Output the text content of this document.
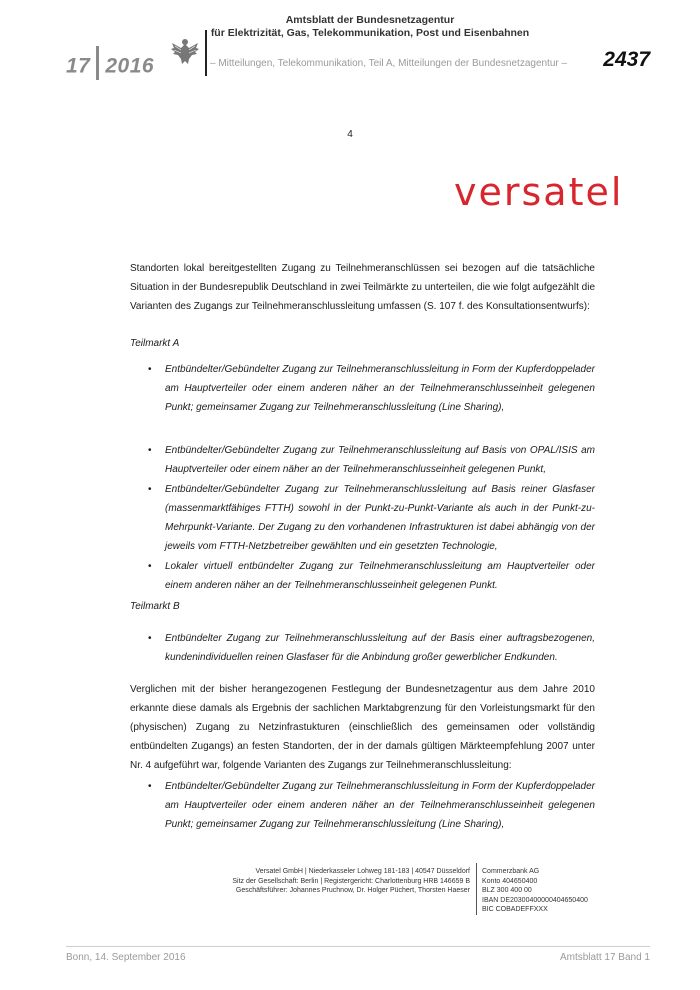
17 2016
Amtsblatt der Bundesnetzagentur
für Elektrizität, Gas, Telekommunikation, Post und Eisenbahnen
– Mitteilungen, Telekommunikation, Teil A, Mitteilungen der Bundesnetzagentur – 2437
4
versatel
Standorten lokal bereitgestellten Zugang zu Teilnehmeranschlüssen sei bezogen auf die tatsächliche Situation in der Bundesrepublik Deutschland in zwei Teilmärkte zu unterteilen, die wie folgt aufgezählt die Varianten des Zugangs zur Teilnehmeranschlussleitung umfassen (S. 107 f. des Konsultationsentwurfs):
Teilmarkt A
• Entbündelter/Gebündelter Zugang zur Teilnehmeranschlussleitung in Form der Kupferdoppelader am Hauptverteiler oder einem anderen näher an der Teilnehmeranschlusseinheit gelegenen Punkt; gemeinsamer Zugang zur Teilnehmeranschlussleitung (Line Sharing),
• Entbündelter/Gebündelter Zugang zur Teilnehmeranschlussleitung auf Basis von OPAL/ISIS am Hauptverteiler oder einem näher an der Teilnehmeranschlusseinheit gelegenen Punkt,
• Entbündelter/Gebündelter Zugang zur Teilnehmeranschlussleitung auf Basis reiner Glasfaser (massenmarktfähiges FTTH) sowohl in der Punkt-zu-Punkt-Variante als auch in der Punkt-zu-Mehrpunkt-Variante. Der Zugang zu den vorhandenen Infrastrukturen ist dabei abhängig von der jeweils vom FTTH-Netzbetreiber gewählten und ein gesetzten Technologie,
• Lokaler virtuell entbündelter Zugang zur Teilnehmeranschlussleitung am Hauptverteiler oder einem anderen näher an der Teilnehmeranschlusseinheit gelegenen Punkt.
Teilmarkt B
• Entbündelter Zugang zur Teilnehmeranschlussleitung auf der Basis einer auftragsbezogenen, kundenindividuellen reinen Glasfaser für die Anbindung großer gewerblicher Endkunden.
Verglichen mit der bisher herangezogenen Festlegung der Bundesnetzagentur aus dem Jahre 2010 erkannte diese damals als Ergebnis der sachlichen Marktabgrenzung für den Vorleistungsmarkt für den (physischen) Zugang zu Netzinfrastukturen (einschließlich des gemeinsamen oder vollständig entbündelten Zugangs) an festen Standorten, der in der damals gültigen Märkteempfehlung 2007 unter Nr. 4 aufgeführt war, folgende Varianten des Zugangs zur Teilnehmeranschlussleitung:
• Entbündelter/Gebündelter Zugang zur Teilnehmeranschlussleitung in Form der Kupferdoppelader am Hauptverteiler oder einem anderen näher an der Teilnehmeranschlusseinheit gelegenen Punkt; gemeinsamer Zugang zur Teilnehmeranschlussleitung (Line Sharing),
Versatel GmbH | Niederkasseler Lohweg 181-183 | 40547 Düsseldorf
Sitz der Gesellschaft: Berlin | Registergericht: Charlottenburg HRB 146659 B
Geschäftsführer: Johannes Pruchnow, Dr. Holger Püchert, Thorsten Haeser
Commerzbank AG
Konto 404650400
BLZ 300 400 00
IBAN DE20300400000404650400
BIC COBADEFFXXX
Bonn, 14. September 2016	Amtsblatt 17 Band 1
